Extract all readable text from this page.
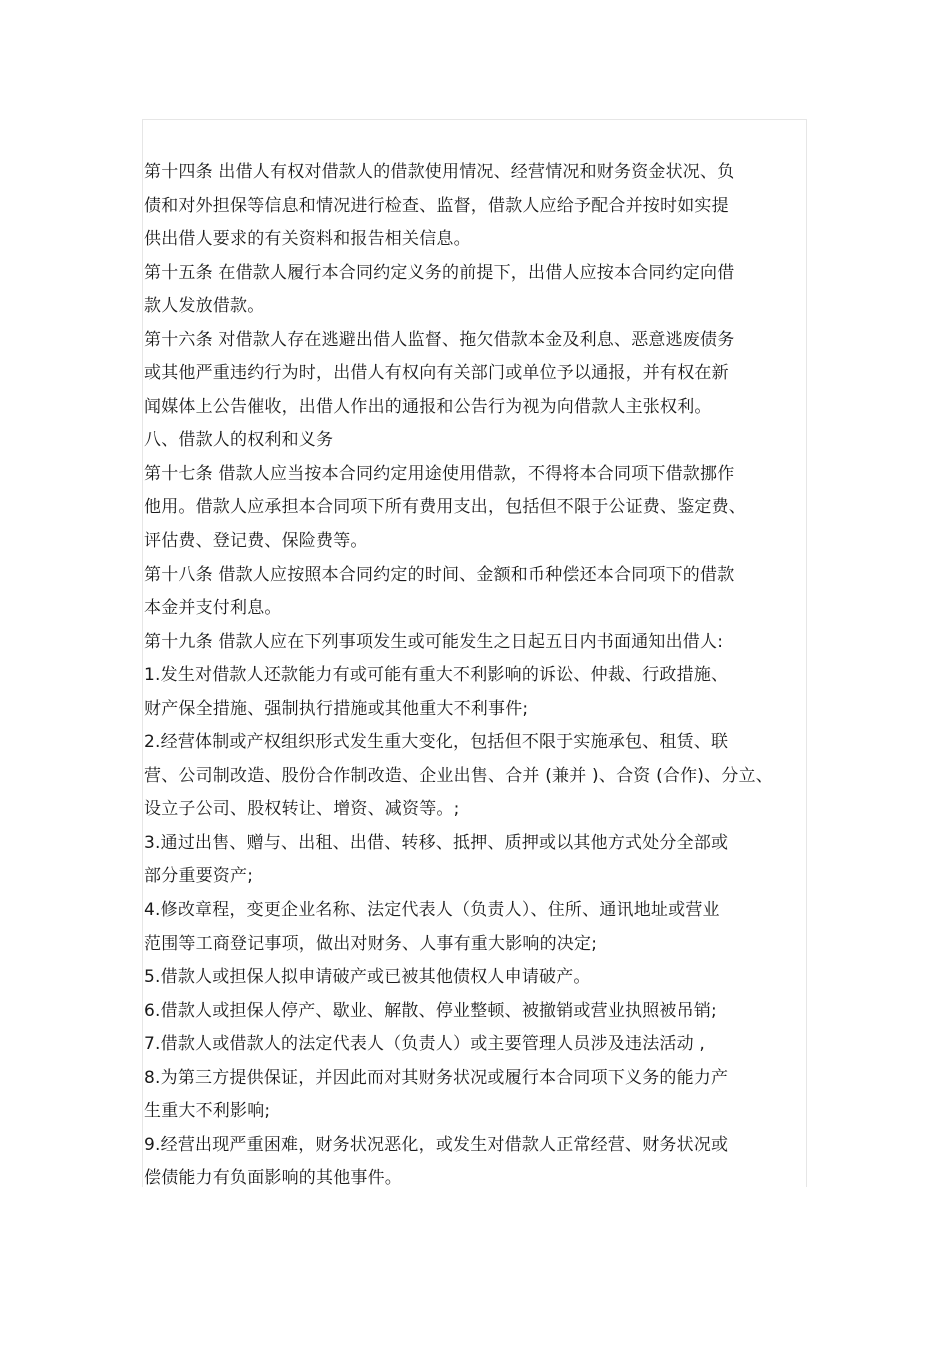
第十四条 出借人有权对借款人的借款使用情况、经营情况和财务资金状况、负
债和对外担保等信息和情况进行检查、监督，借款人应给予配合并按时如实提
供出借人要求的有关资料和报告相关信息。
第十五条 在借款人履行本合同约定义务的前提下，出借人应按本合同约定向借
款人发放借款。
第十六条 对借款人存在逃避出借人监督、拖欠借款本金及利息、恶意逃废债务
或其他严重违约行为时，出借人有权向有关部门或单位予以通报，并有权在新
闻媒体上公告催收，出借人作出的通报和公告行为视为向借款人主张权利。
八、借款人的权利和义务
第十七条 借款人应当按本合同约定用途使用借款，不得将本合同项下借款挪作
他用。借款人应承担本合同项下所有费用支出，包括但不限于公证费、鉴定费、
评估费、登记费、保险费等。
第十八条 借款人应按照本合同约定的时间、金额和币种偿还本合同项下的借款
本金并支付利息。
第十九条 借款人应在下列事项发生或可能发生之日起五日内书面通知出借人:
1.发生对借款人还款能力有或可能有重大不利影响的诉讼、仲裁、行政措施、
财产保全措施、强制执行措施或其他重大不利事件;
2.经营体制或产权组织形式发生重大变化，包括但不限于实施承包、租赁、联
营、公司制改造、股份合作制改造、企业出售、合并 (兼并 )、合资 (合作)、分立、
设立子公司、股权转让、增资、减资等。;
3.通过出售、赠与、出租、出借、转移、抵押、质押或以其他方式处分全部或
部分重要资产;
4.修改章程，变更企业名称、法定代表人（负责人）、住所、通讯地址或营业
范围等工商登记事项，做出对财务、人事有重大影响的决定;
5.借款人或担保人拟申请破产或已被其他债权人申请破产。
6.借款人或担保人停产、歇业、解散、停业整顿、被撤销或营业执照被吊销;
7.借款人或借款人的法定代表人（负责人）或主要管理人员涉及违法活动 ,
8.为第三方提供保证，并因此而对其财务状况或履行本合同项下义务的能力产
生重大不利影响;
9.经营出现严重困难，财务状况恶化，或发生对借款人正常经营、财务状况或
偿债能力有负面影响的其他事件。
